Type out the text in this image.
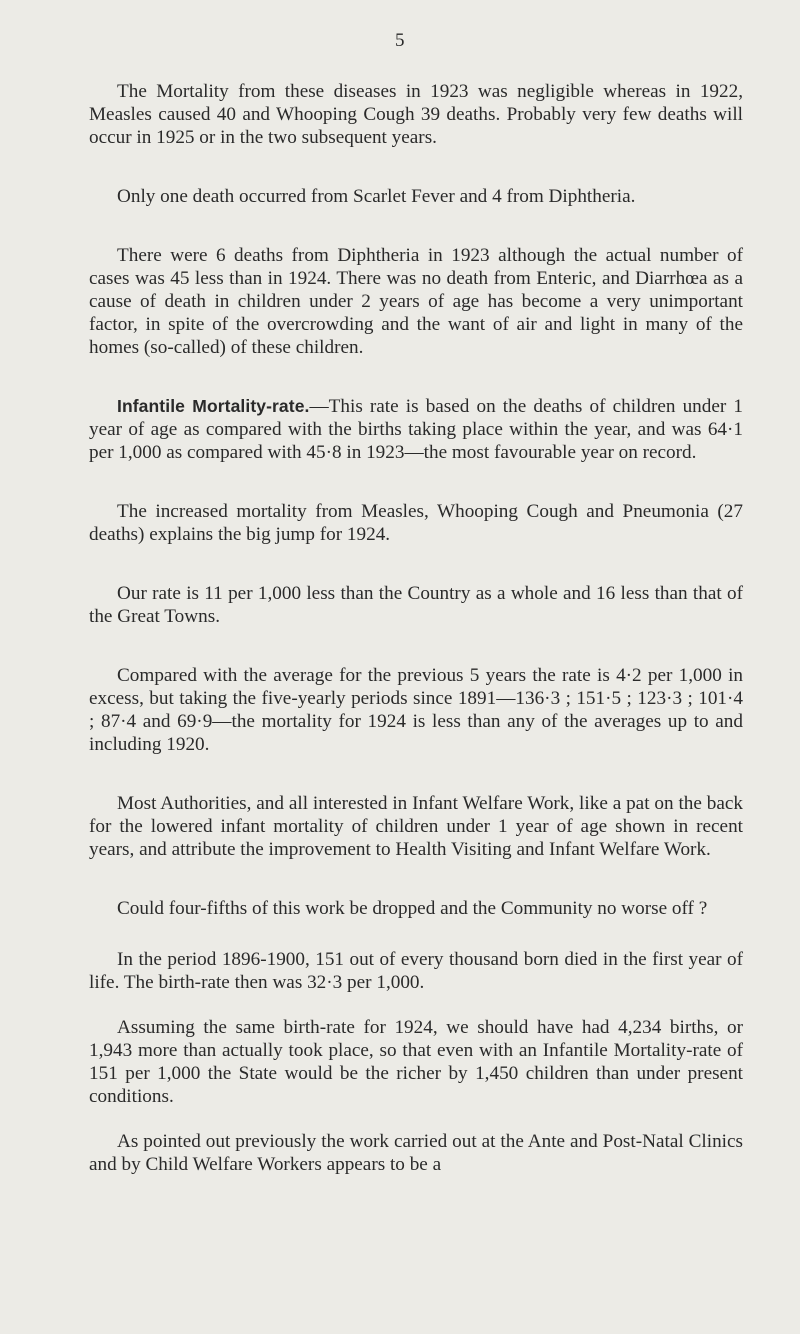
5

The Mortality from these diseases in 1923 was negligible whereas in 1922, Measles caused 40 and Whooping Cough 39 deaths. Probably very few deaths will occur in 1925 or in the two subsequent years.

Only one death occurred from Scarlet Fever and 4 from Diphtheria.

There were 6 deaths from Diphtheria in 1923 although the actual number of cases was 45 less than in 1924. There was no death from Enteric, and Diarrhœa as a cause of death in children under 2 years of age has become a very unimportant factor, in spite of the overcrowding and the want of air and light in many of the homes (so-called) of these children.

Infantile Mortality-rate.—This rate is based on the deaths of children under 1 year of age as compared with the births taking place within the year, and was 64·1 per 1,000 as compared with 45·8 in 1923—the most favourable year on record.

The increased mortality from Measles, Whooping Cough and Pneumonia (27 deaths) explains the big jump for 1924.

Our rate is 11 per 1,000 less than the Country as a whole and 16 less than that of the Great Towns.

Compared with the average for the previous 5 years the rate is 4·2 per 1,000 in excess, but taking the five-yearly periods since 1891—136·3 ; 151·5 ; 123·3 ; 101·4 ; 87·4 and 69·9—the mortality for 1924 is less than any of the averages up to and including 1920.

Most Authorities, and all interested in Infant Welfare Work, like a pat on the back for the lowered infant mortality of children under 1 year of age shown in recent years, and attribute the improvement to Health Visiting and Infant Welfare Work.

Could four-fifths of this work be dropped and the Community no worse off ?

In the period 1896-1900, 151 out of every thousand born died in the first year of life. The birth-rate then was 32·3 per 1,000.

Assuming the same birth-rate for 1924, we should have had 4,234 births, or 1,943 more than actually took place, so that even with an Infantile Mortality-rate of 151 per 1,000 the State would be the richer by 1,450 children than under present conditions.

As pointed out previously the work carried out at the Ante and Post-Natal Clinics and by Child Welfare Workers appears to be a
